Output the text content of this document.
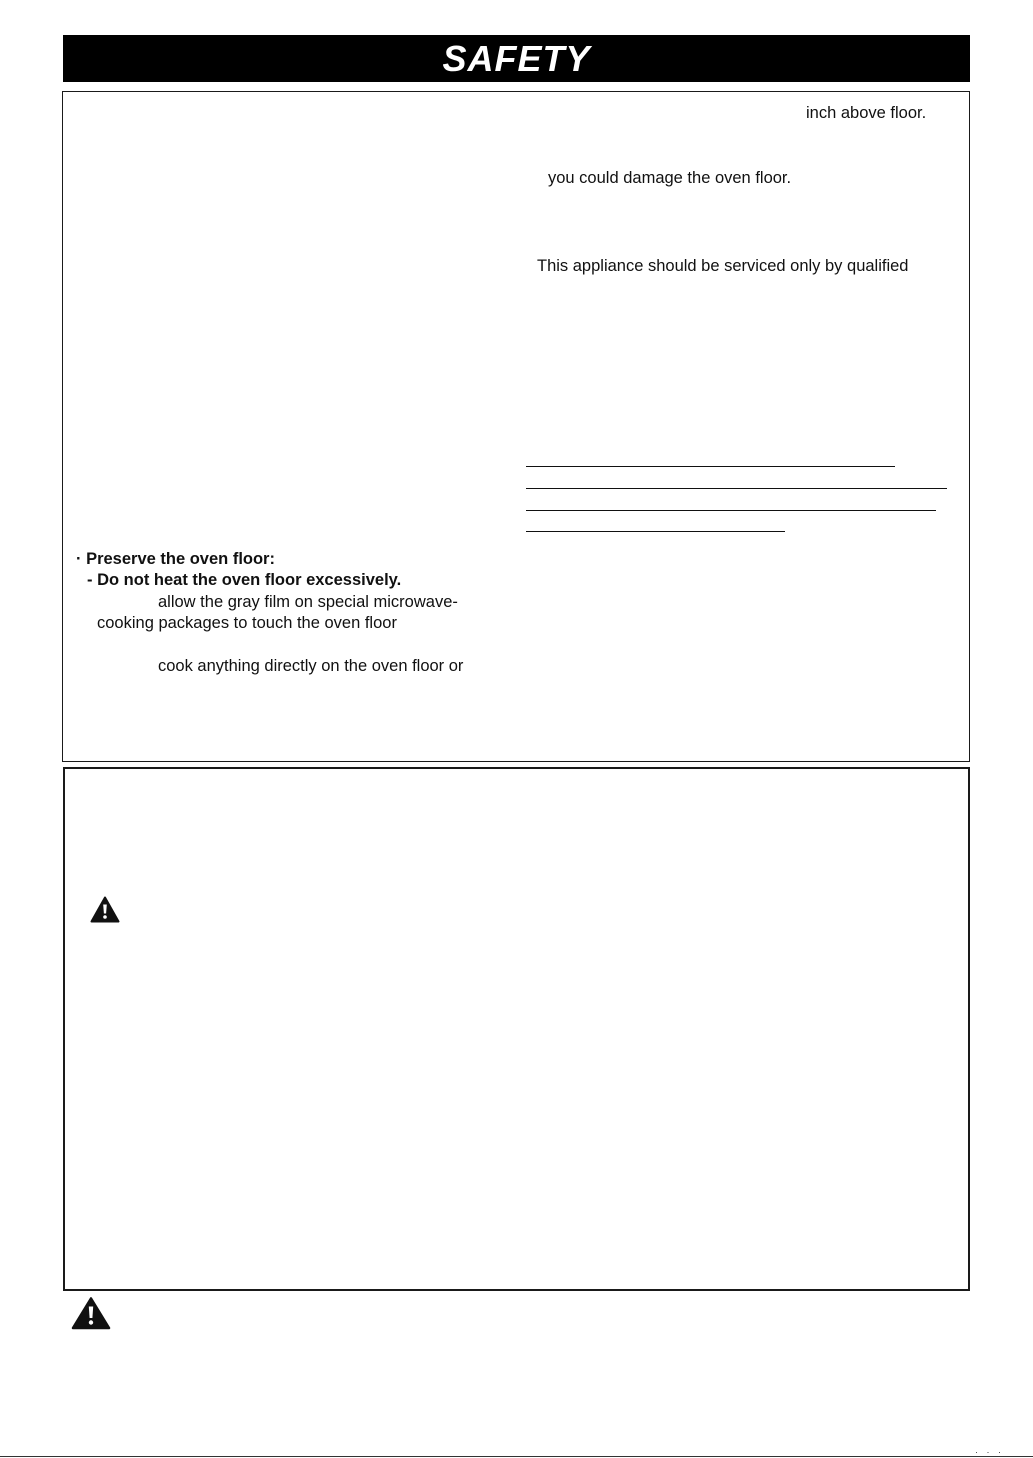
SAFETY
inch above floor.
you could damage the oven floor.
This appliance should be serviced only by qualified
· Preserve the oven floor:
- Do not heat the oven floor excessively.
allow the gray film on special microwave-
cooking packages to touch the oven floor
cook anything directly on the oven floor or
· · ·
